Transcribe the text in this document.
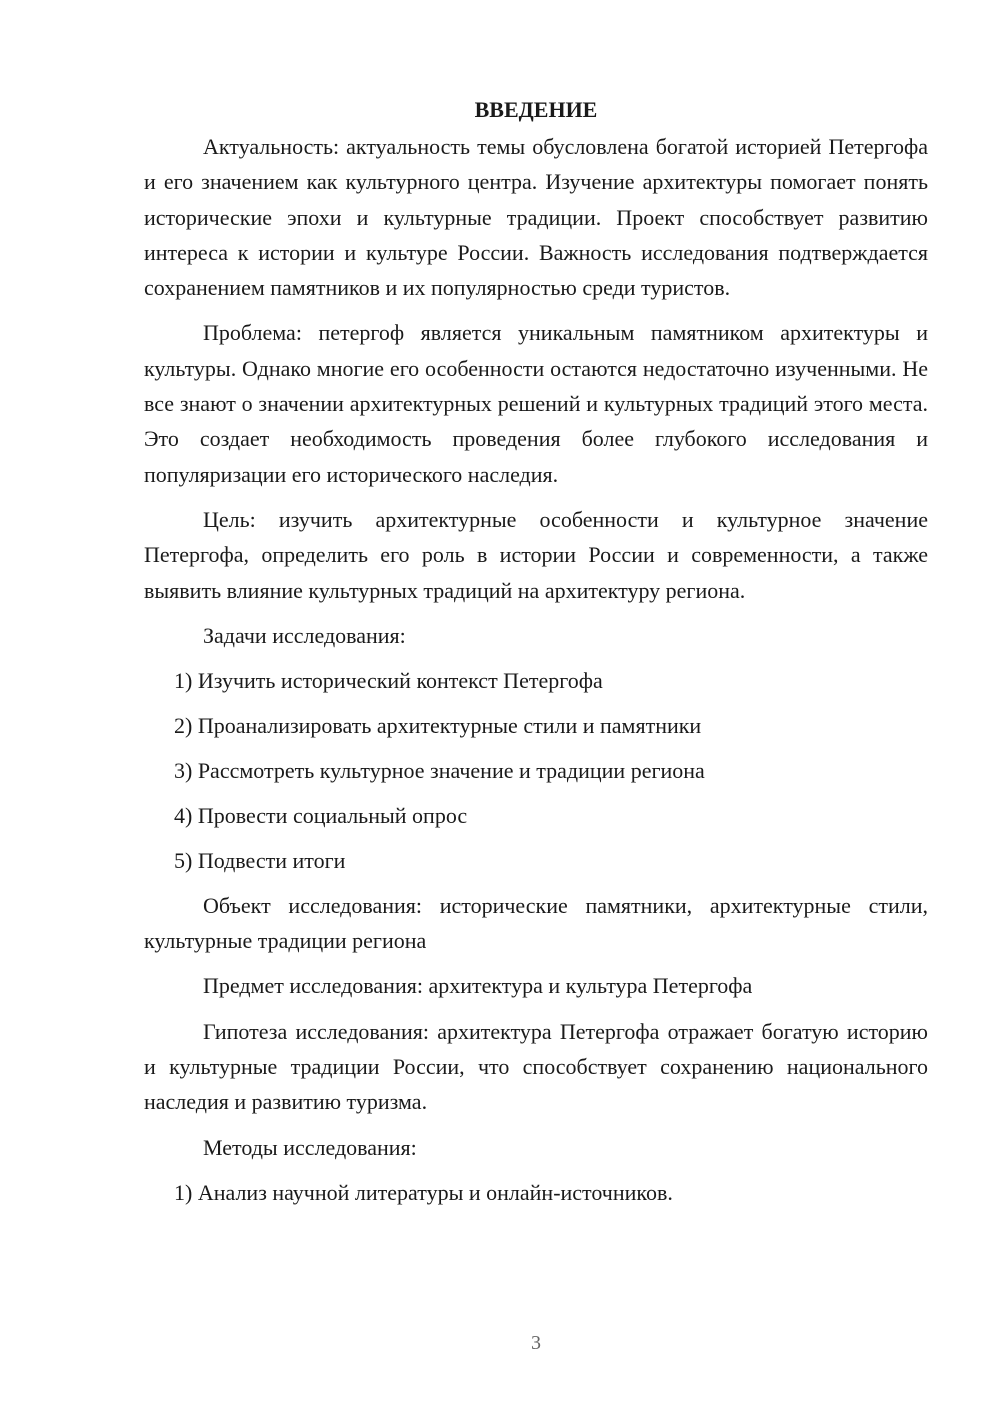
ВВЕДЕНИЕ

Актуальность: актуальность темы обусловлена богатой историей Петергофа и его значением как культурного центра. Изучение архитектуры помогает понять исторические эпохи и культурные традиции. Проект способствует развитию интереса к истории и культуре России. Важность исследования подтверждается сохранением памятников и их популярностью среди туристов.

Проблема: петергоф является уникальным памятником архитектуры и культуры. Однако многие его особенности остаются недостаточно изученными. Не все знают о значении архитектурных решений и культурных традиций этого места. Это создает необходимость проведения более глубокого исследования и популяризации его исторического наследия.

Цель: изучить архитектурные особенности и культурное значение Петергофа, определить его роль в истории России и современности, а также выявить влияние культурных традиций на архитектуру региона.

Задачи исследования:
1) Изучить исторический контекст Петергофа
2) Проанализировать архитектурные стили и памятники
3) Рассмотреть культурное значение и традиции региона
4) Провести социальный опрос
5) Подвести итоги

Объект исследования: исторические памятники, архитектурные стили, культурные традиции региона

Предмет исследования: архитектура и культура Петергофа

Гипотеза исследования: архитектура Петергофа отражает богатую историю и культурные традиции России, что способствует сохранению национального наследия и развитию туризма.

Методы исследования:
1) Анализ научной литературы и онлайн-источников.
3
